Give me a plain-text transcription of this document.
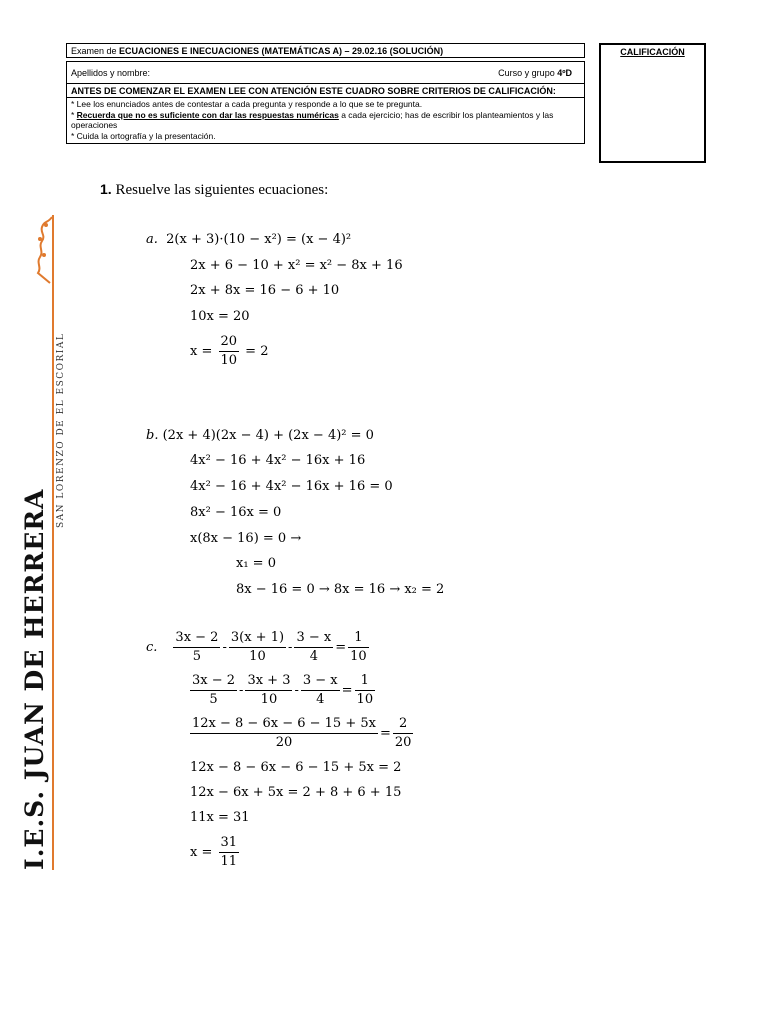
Examen de ECUACIONES E INECUACIONES (MATEMÁTICAS A) – 29.02.16 (SOLUCIÓN)
Apellidos y nombre:	Curso y grupo 4ºD
ANTES DE COMENZAR EL EXAMEN LEE CON ATENCIÓN ESTE CUADRO SOBRE CRITERIOS DE CALIFICACIÓN:
* Lee los enunciados antes de contestar a cada pregunta y responde a lo que se te pregunta.
* Recuerda que no es suficiente con dar las respuestas numéricas a cada ejercicio; has de escribir los planteamientos y las operaciones
* Cuida la ortografía y la presentación.
CALIFICACIÓN
I.E.S. JUAN DE HERRERA
SAN LORENZO DE EL ESCORIAL
1. Resuelve las siguientes ecuaciones:
a. 2(x + 3)·(10 − x²) = (x − 4)²
2x + 6 − 10 + x² = x² − 8x + 16
2x + 8x = 16 − 6 + 10
10x = 20
$x = \frac{20}{10} = 2$
b. (2x + 4)(2x − 4) + (2x − 4)² = 0
4x² − 16 + 4x² − 16x + 16
4x² − 16 + 4x² − 16x + 16 = 0
8x² − 16x = 0
x(8x − 16) = 0 →
x₁ = 0
8x − 16 = 0 → 8x = 16 → x₂ = 2
c. $\frac{3x - 2}{5} - \frac{3(x + 1)}{10} - \frac{3 - x}{4} = \frac{1}{10}$
$\frac{3x - 2}{5} - \frac{3x + 3}{10} - \frac{3 - x}{4} = \frac{1}{10}$
$\frac{12x - 8 - 6x - 6 - 15 + 5x}{20} = \frac{2}{20}$
12x − 8 − 6x − 6 − 15 + 5x = 2
12x − 6x + 5x = 2 + 8 + 6 + 15
11x = 31
$x = \frac{31}{11}$
